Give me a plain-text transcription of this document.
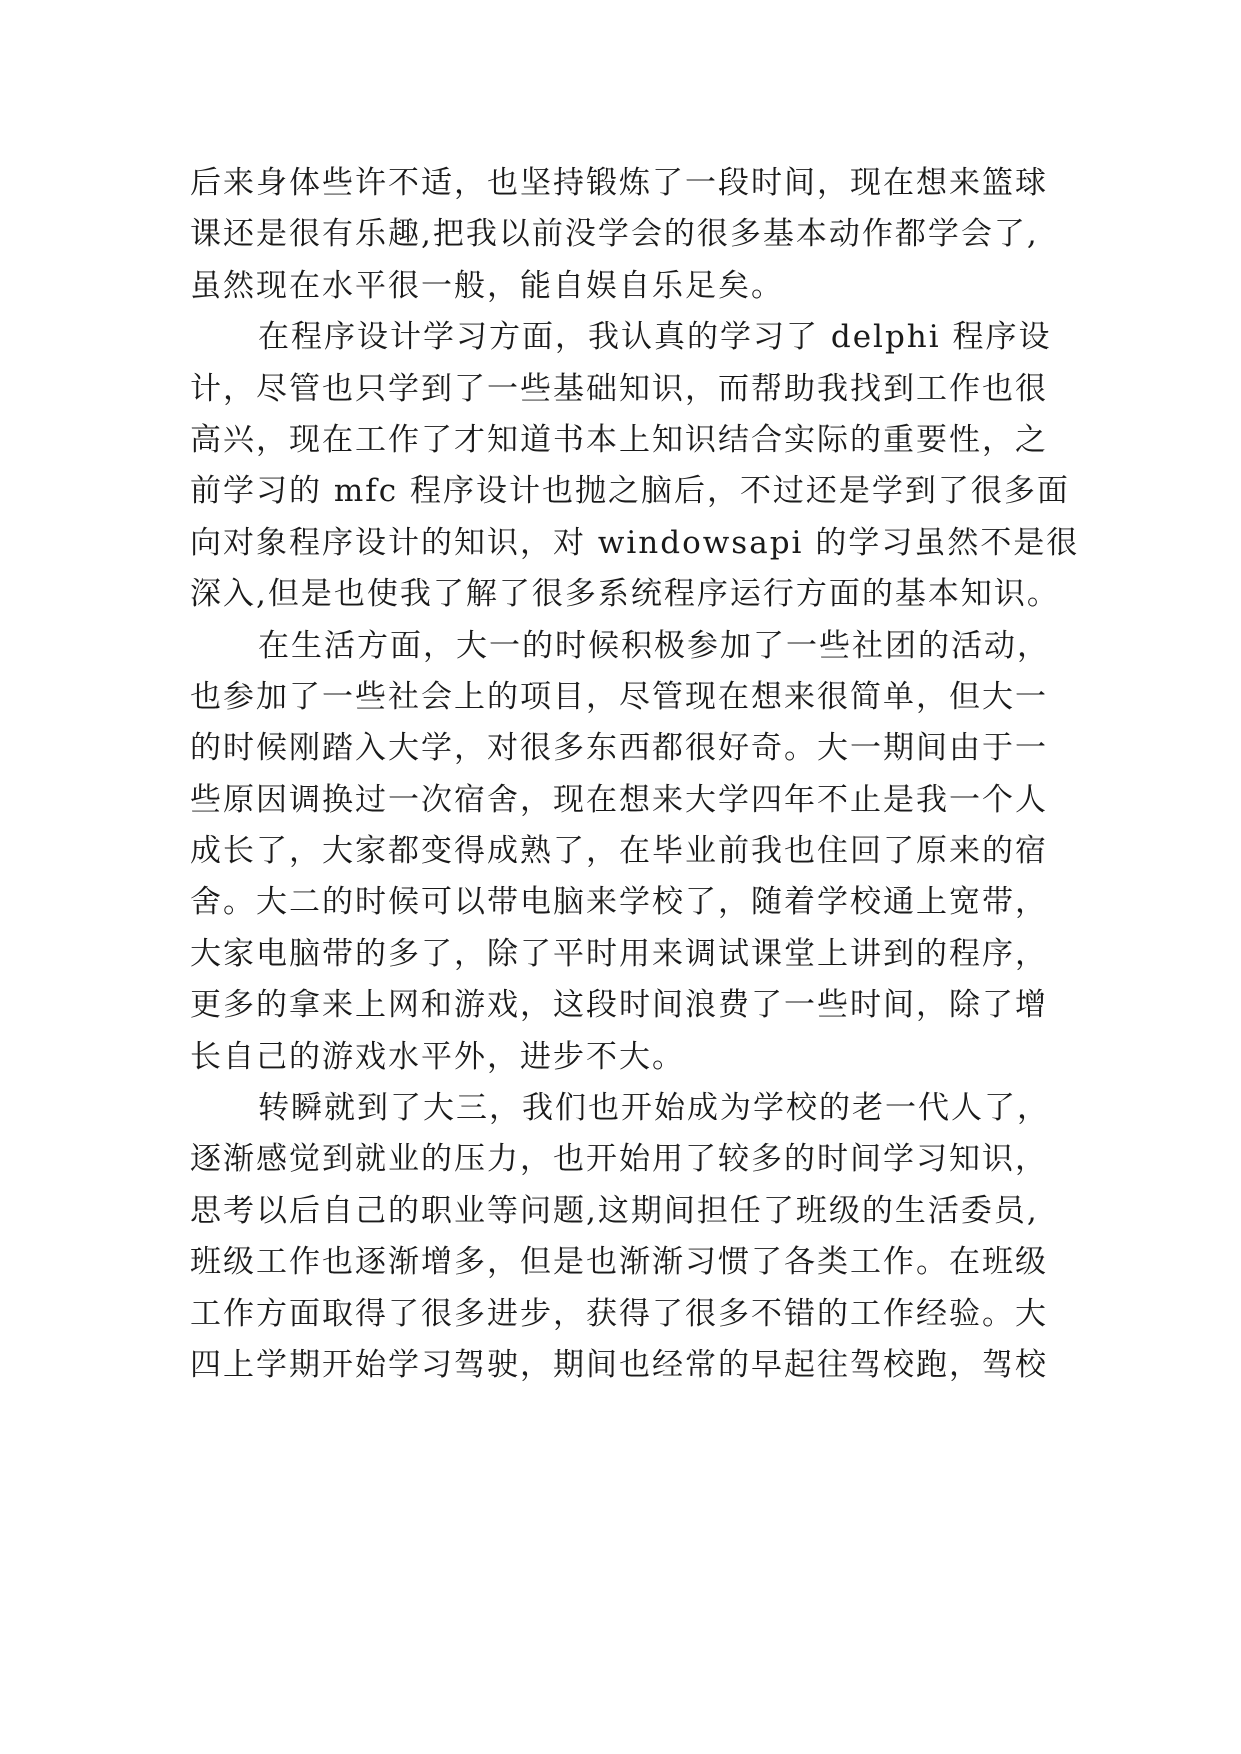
后来身体些许不适，也坚持锻炼了一段时间，现在想来篮球
课还是很有乐趣,把我以前没学会的很多基本动作都学会了,
虽然现在水平很一般，能自娱自乐足矣。
在程序设计学习方面，我认真的学习了 delphi 程序设
计，尽管也只学到了一些基础知识，而帮助我找到工作也很
高兴，现在工作了才知道书本上知识结合实际的重要性，之
前学习的 mfc 程序设计也抛之脑后，不过还是学到了很多面
向对象程序设计的知识，对 windowsapi 的学习虽然不是很
深入,但是也使我了解了很多系统程序运行方面的基本知识。
在生活方面，大一的时候积极参加了一些社团的活动，
也参加了一些社会上的项目，尽管现在想来很简单，但大一
的时候刚踏入大学，对很多东西都很好奇。大一期间由于一
些原因调换过一次宿舍，现在想来大学四年不止是我一个人
成长了，大家都变得成熟了，在毕业前我也住回了原来的宿
舍。大二的时候可以带电脑来学校了，随着学校通上宽带，
大家电脑带的多了，除了平时用来调试课堂上讲到的程序，
更多的拿来上网和游戏，这段时间浪费了一些时间，除了增
长自己的游戏水平外，进步不大。
转瞬就到了大三，我们也开始成为学校的老一代人了，
逐渐感觉到就业的压力，也开始用了较多的时间学习知识，
思考以后自己的职业等问题,这期间担任了班级的生活委员,
班级工作也逐渐增多，但是也渐渐习惯了各类工作。在班级
工作方面取得了很多进步，获得了很多不错的工作经验。大
四上学期开始学习驾驶，期间也经常的早起往驾校跑，驾校
